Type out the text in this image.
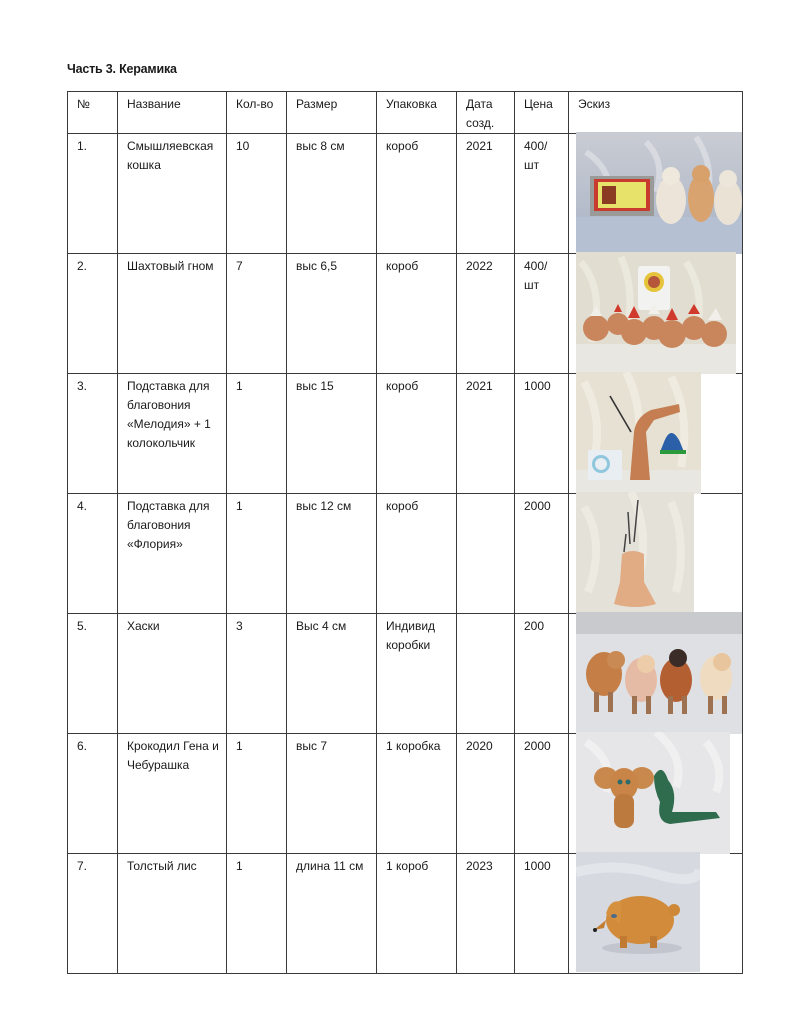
Часть 3. Керамика
№	Название	Кол-во	Размер	Упаковка	Дата созд.	Цена	Эскиз
1.	Смышляевская кошка	10	выс 8 см	короб	2021	400/ шт	

2.	Шахтовый гном	7	выс 6,5	короб	2022	400/ шт	

3.	Подставка для благовония «Мелодия» + 1 колокольчик	1	выс 15	короб	2021	1000	

4.	Подставка для благовония «Флория»	1	выс 12 см	короб		2000	

5.	Хаски	3	Выс 4 см	Индивид коробки		200	

6.	Крокодил Гена и Чебурашка	1	выс 7	1 коробка	2020	2000	

7.	Толстый лис	1	длина 11 см	1 короб	2023	1000	
